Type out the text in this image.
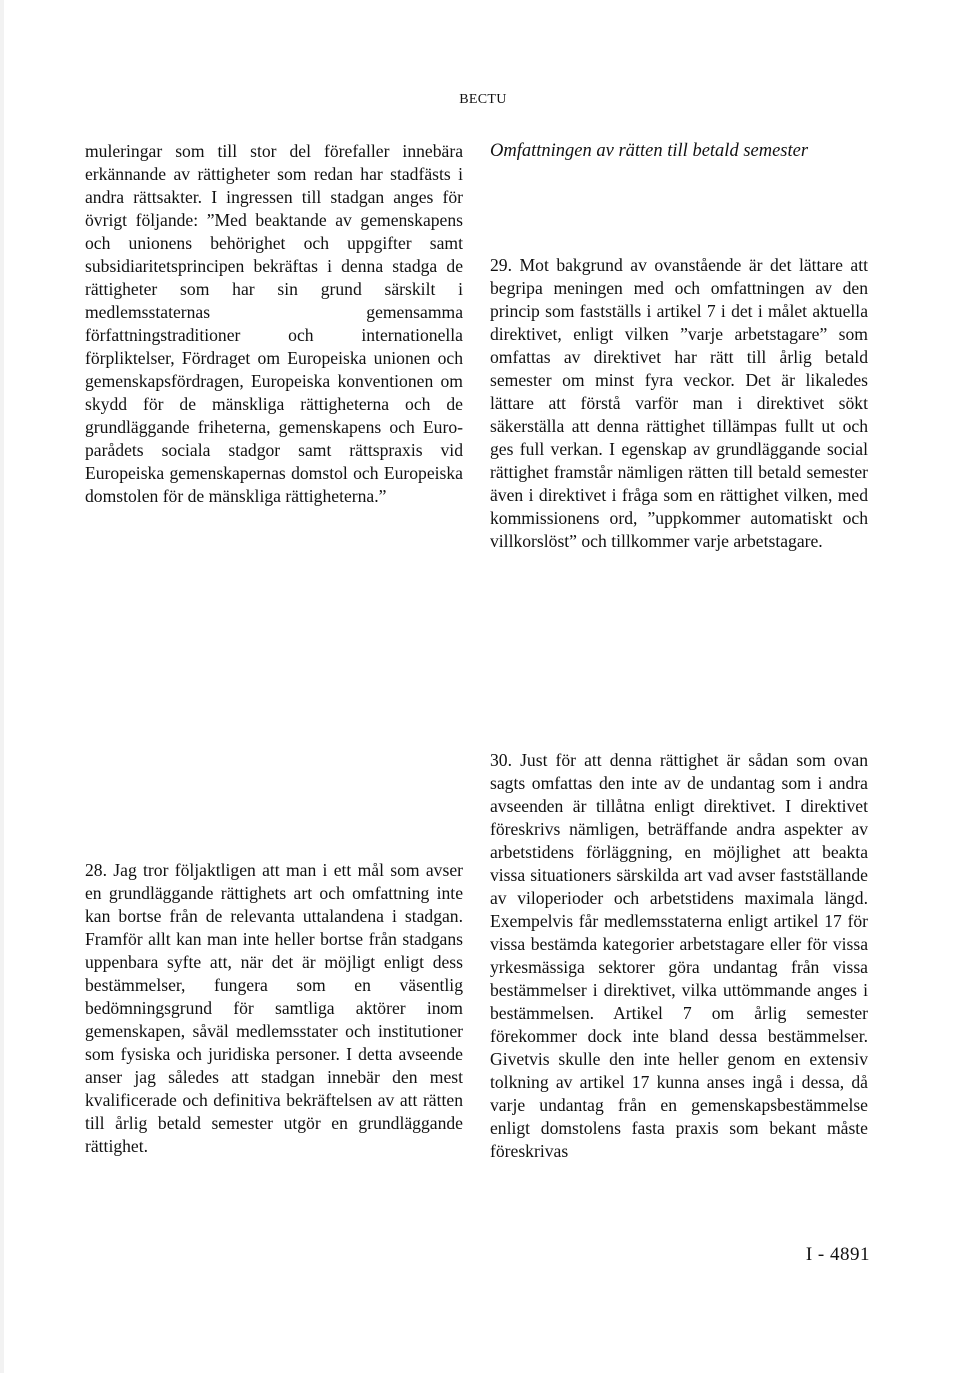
BECTU

muleringar som till stor del förefaller innebära erkännande av rättigheter som redan har stadfästs i andra rättsakter. I ingressen till stadgan anges för övrigt följande: ”Med beaktande av gemenskapens och unionens behörighet och uppgifter samt subsidiaritetsprincipen bekräftas i denna stadga de rättigheter som har sin grund särskilt i medlemsstaternas gemensamma författningstraditioner och internationella förpliktelser, Fördraget om Europeiska unionen och gemenskapsfördragen, Europeiska konventionen om skydd för de mänskliga rättigheterna och de grundläggande friheterna, gemenskapens och Europarådets sociala stadgor samt rättspraxis vid Europeiska gemenskapernas domstol och Europeiska domstolen för de mänskliga rättigheterna.”

Omfattningen av rätten till betald semester

29. Mot bakgrund av ovanstående är det lättare att begripa meningen med och omfattningen av den princip som fastställs i artikel 7 i det i målet aktuella direktivet, enligt vilken ”varje arbetstagare” som omfattas av direktivet har rätt till årlig betald semester om minst fyra veckor. Det är likaledes lättare att förstå varför man i direktivet sökt säkerställa att denna rättighet tillämpas fullt ut och ges full verkan. I egenskap av grundläggande social rättighet framstår nämligen rätten till betald semester även i direktivet i fråga som en rättighet vilken, med kommissionens ord, ”uppkommer automatiskt och villkorslöst” och tillkommer varje arbetstagare.

28. Jag tror följaktligen att man i ett mål som avser en grundläggande rättighets art och omfattning inte kan bortse från de relevanta uttalandena i stadgan. Framför allt kan man inte heller bortse från stadgans uppenbara syfte att, när det är möjligt enligt dess bestämmelser, fungera som en väsentlig bedömningsgrund för samtliga aktörer inom gemenskapen, såväl medlemsstater och institutioner som fysiska och juridiska personer. I detta avseende anser jag således att stadgan innebär den mest kvalificerade och definitiva bekräftelsen av att rätten till årlig betald semester utgör en grundläggande rättighet.

30. Just för att denna rättighet är sådan som ovan sagts omfattas den inte av de undantag som i andra avseenden är tillåtna enligt direktivet. I direktivet föreskrivs nämligen, beträffande andra aspekter av arbetstidens förläggning, en möjlighet att beakta vissa situationers särskilda art vad avser fastställande av viloperioder och arbetstidens maximala längd. Exempelvis får medlemsstaterna enligt artikel 17 för vissa bestämda kategorier arbetstagare eller för vissa yrkesmässiga sektorer göra undantag från vissa bestämmelser i direktivet, vilka uttömmande anges i bestämmelsen. Artikel 7 om årlig semester förekommer dock inte bland dessa bestämmelser. Givetvis skulle den inte heller genom en extensiv tolkning av artikel 17 kunna anses ingå i dessa, då varje undantag från en gemenskapsbestämmelse enligt domstolens fasta praxis som bekant måste föreskrivas

I - 4891
